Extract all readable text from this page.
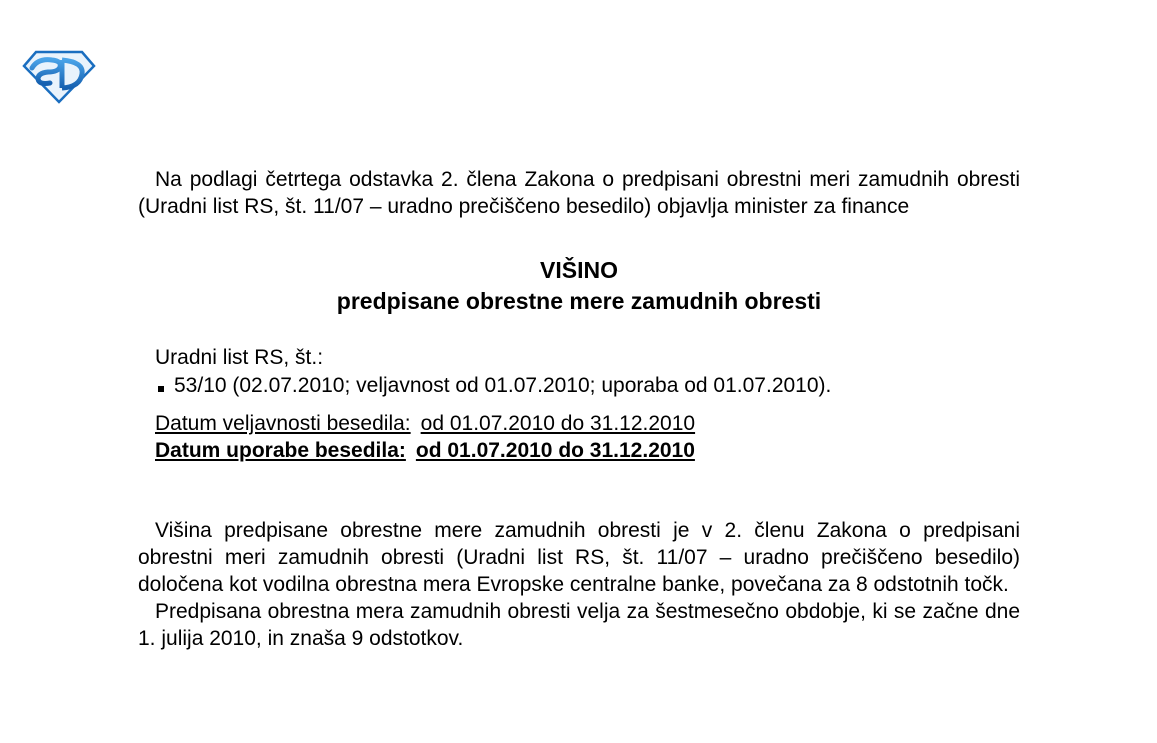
Na podlagi četrtega odstavka 2. člena Zakona o predpisani obrestni meri zamudnih obresti (Uradni list RS, št. 11/07 – uradno prečiščeno besedilo) objavlja minister za finance

VIŠINO

predpisane obrestne mere zamudnih obresti

Uradni list RS, št.:

53/10 (02.07.2010; veljavnost od 01.07.2010; uporaba od 01.07.2010).

Datum veljavnosti besedila: od 01.07.2010 do 31.12.2010
Datum uporabe besedila: od 01.07.2010 do 31.12.2010

Višina predpisane obrestne mere zamudnih obresti je v 2. členu Zakona o predpisani obrestni meri zamudnih obresti (Uradni list RS, št. 11/07 – uradno prečiščeno besedilo) določena kot vodilna obrestna mera Evropske centralne banke, povečana za 8 odstotnih točk.

Predpisana obrestna mera zamudnih obresti velja za šestmesečno obdobje, ki se začne dne 1. julija 2010, in znaša 9 odstotkov.
